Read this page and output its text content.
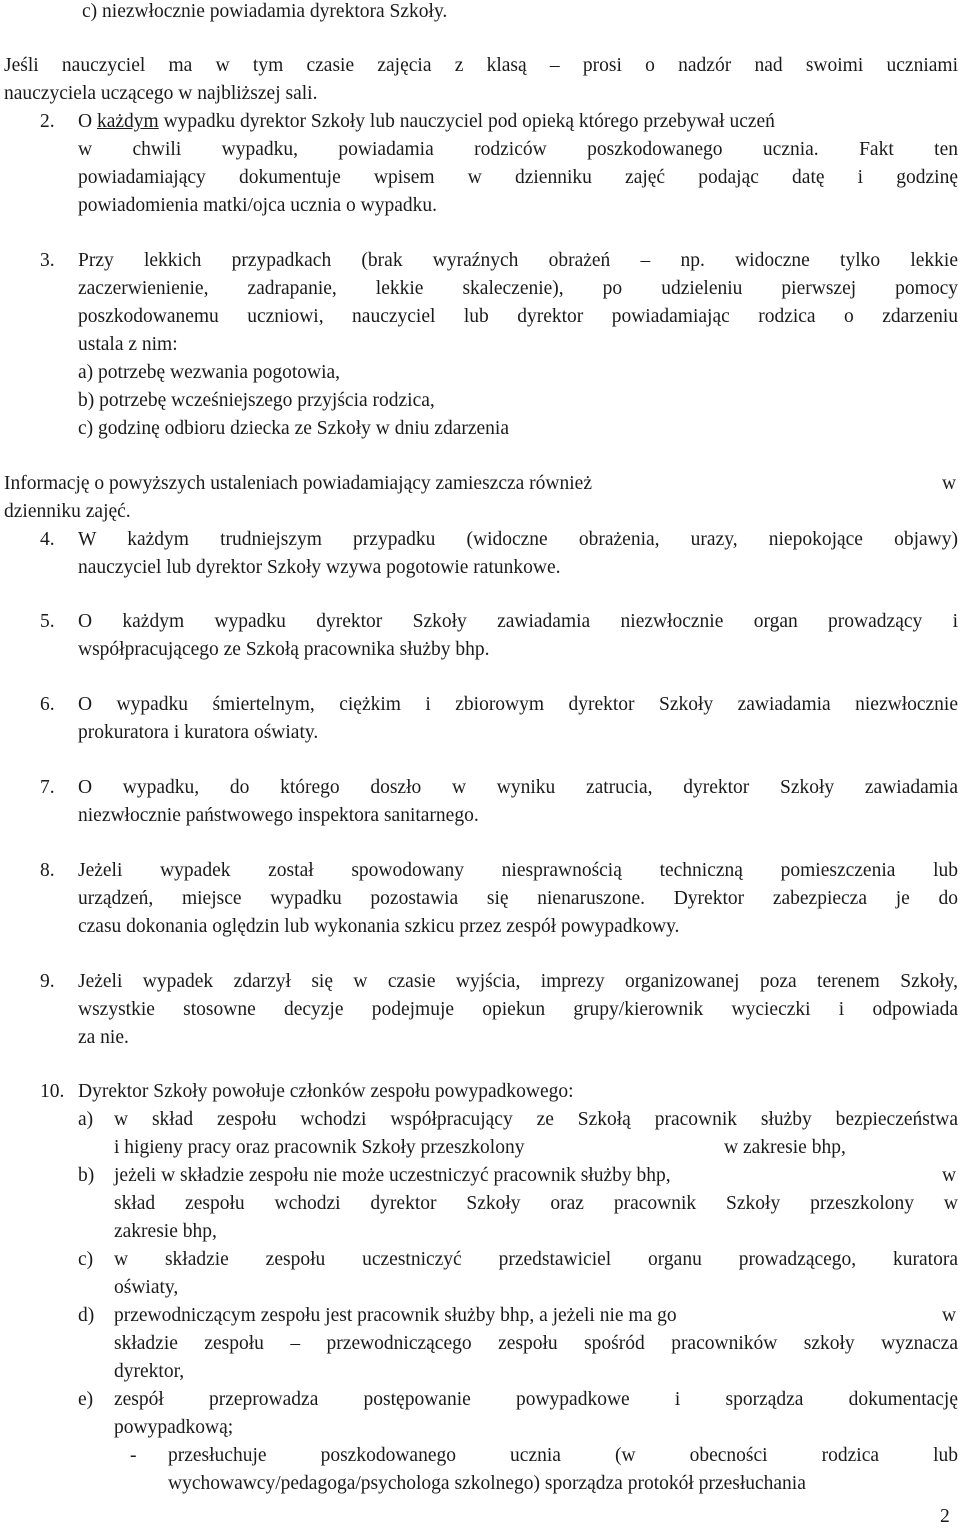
c) niezwłocznie powiadamia dyrektora Szkoły.
Jeśli nauczyciel ma w tym czasie zajęcia z klasą – prosi o nadzór nad swoimi uczniami
nauczyciela uczącego w najbliższej sali.
2. O każdym wypadku dyrektor Szkoły lub nauczyciel pod opieką którego przebywał uczeń
w chwili wypadku, powiadamia rodziców poszkodowanego ucznia. Fakt ten
powiadamiający dokumentuje wpisem w dzienniku zajęć podając datę i godzinę
powiadomienia matki/ojca ucznia o wypadku.
3. Przy lekkich przypadkach (brak wyraźnych obrażeń – np. widoczne tylko lekkie
zaczerwienienie, zadrapanie, lekkie skaleczenie), po udzieleniu pierwszej pomocy
poszkodowanemu uczniowi, nauczyciel lub dyrektor powiadamiając rodzica o zdarzeniu
ustala z nim:
a) potrzebę wezwania pogotowia,
b) potrzebę wcześniejszego przyjścia rodzica,
c) godzinę odbioru dziecka ze Szkoły w dniu zdarzenia
Informację o powyższych ustaleniach powiadamiający zamieszcza również	w
dzienniku zajęć.
4. W każdym trudniejszym przypadku (widoczne obrażenia, urazy, niepokojące objawy)
nauczyciel lub dyrektor Szkoły wzywa pogotowie ratunkowe.
5. O każdym wypadku dyrektor Szkoły zawiadamia niezwłocznie organ prowadzący i
współpracującego ze Szkołą pracownika służby bhp.
6. O wypadku śmiertelnym, ciężkim i zbiorowym dyrektor Szkoły zawiadamia niezwłocznie
prokuratora i kuratora oświaty.
7. O wypadku, do którego doszło w wyniku zatrucia, dyrektor Szkoły zawiadamia
niezwłocznie państwowego inspektora sanitarnego.
8. Jeżeli wypadek został spowodowany niesprawnością techniczną pomieszczenia lub
urządzeń, miejsce wypadku pozostawia się nienaruszone. Dyrektor zabezpiecza je do
czasu dokonania oględzin lub wykonania szkicu przez zespół powypadkowy.
9. Jeżeli wypadek zdarzył się w czasie wyjścia, imprezy organizowanej poza terenem Szkoły,
wszystkie stosowne decyzje podejmuje opiekun grupy/kierownik wycieczki i odpowiada
za nie.
10. Dyrektor Szkoły powołuje członków zespołu powypadkowego:
a) w skład zespołu wchodzi współpracujący ze Szkołą pracownik służby bezpieczeństwa
i higieny pracy oraz pracownik Szkoły przeszkolony	w zakresie bhp,
b) jeżeli w składzie zespołu nie może uczestniczyć pracownik służby bhp,	w
skład zespołu wchodzi dyrektor Szkoły oraz pracownik Szkoły przeszkolony w
zakresie bhp,
c) w składzie zespołu uczestniczyć przedstawiciel organu prowadzącego, kuratora
oświaty,
d) przewodniczącym zespołu jest pracownik służby bhp, a jeżeli nie ma go	w
składzie zespołu – przewodniczącego zespołu spośród pracowników szkoły wyznacza
dyrektor,
e) zespół przeprowadza postępowanie powypadkowe i sporządza dokumentację
powypadkową;
- przesłuchuje poszkodowanego ucznia (w obecności rodzica lub
wychowawcy/pedagoga/psychologa szkolnego) sporządza protokół przesłuchania
2
